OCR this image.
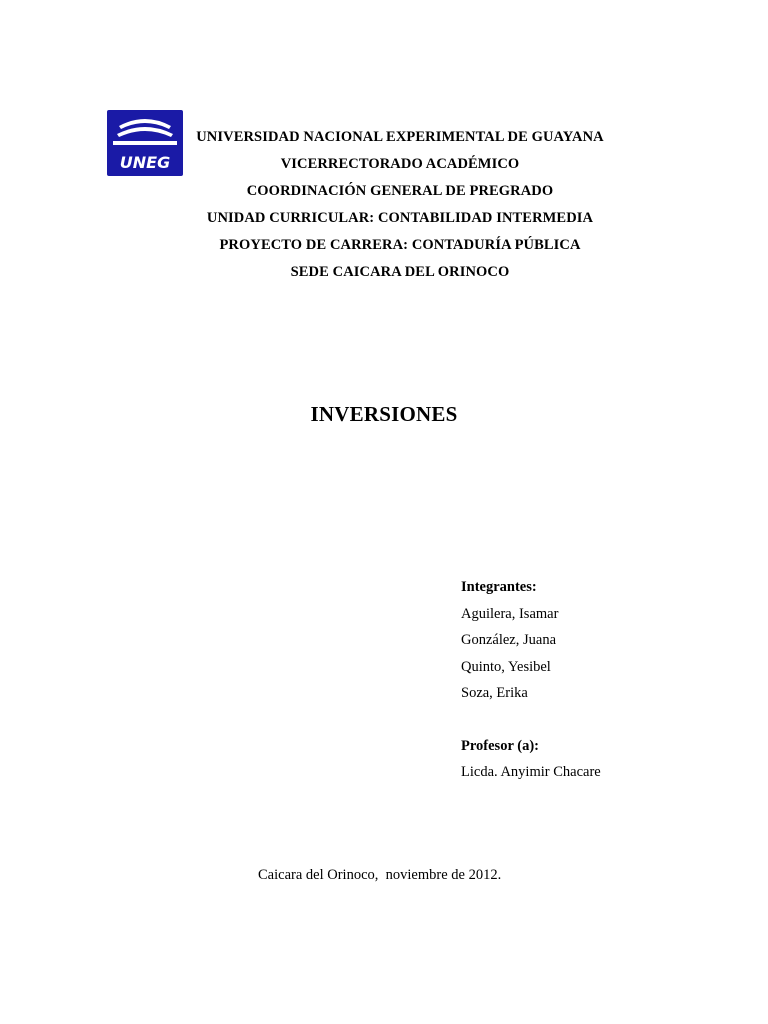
UNEG
UNIVERSIDAD NACIONAL EXPERIMENTAL DE GUAYANA
VICERRECTORADO ACADÉMICO
COORDINACIÓN GENERAL DE PREGRADO
UNIDAD CURRICULAR: CONTABILIDAD INTERMEDIA
PROYECTO DE CARRERA: CONTADURÍA PÚBLICA
SEDE CAICARA DEL ORINOCO
INVERSIONES
Integrantes:
Aguilera, Isamar
González, Juana
Quinto, Yesibel
Soza, Erika
Profesor (a):
Licda. Anyimir Chacare
Caicara del Orinoco,  noviembre de 2012.
